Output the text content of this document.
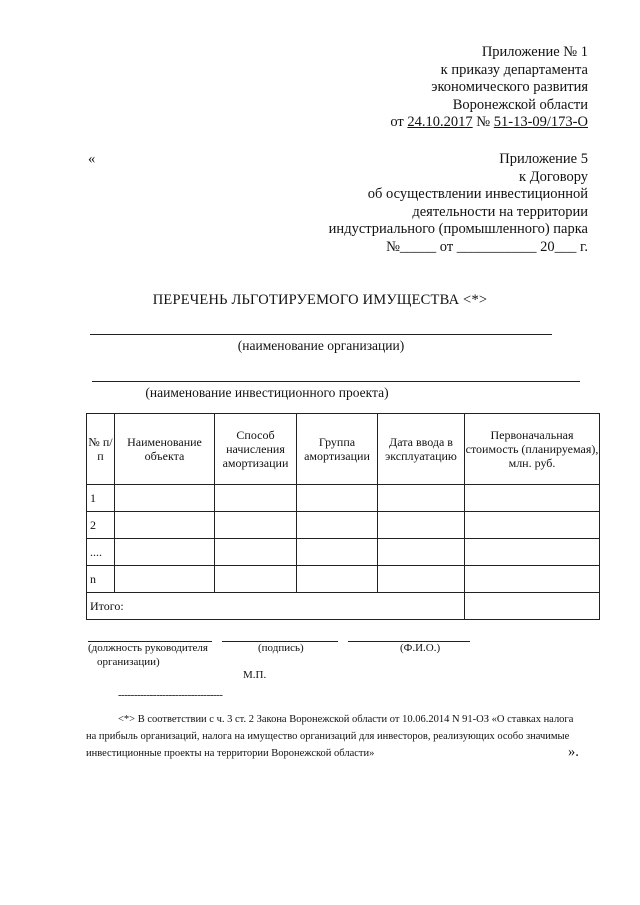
Приложение № 1
к приказу департамента
экономического развития
Воронежской области
от 24.10.2017 № 51-13-09/173-О
«	Приложение 5
к Договору
об осуществлении инвестиционной
деятельности на территории
индустриального (промышленного) парка
№_____ от ___________ 20___ г.
ПЕРЕЧЕНЬ ЛЬГОТИРУЕМОГО ИМУЩЕСТВА <*>
(наименование организации)
(наименование инвестиционного проекта)
№ п/п	Наименование объекта	Способ начисления амортизации	Группа амортизации	Дата ввода в эксплуатацию	Первоначальная стоимость (планируемая), млн. руб.
1					
2					
....					
n					
Итого:					
(должность руководителя
организации)
(подпись)	(Ф.И.О.)
М.П.
---------------------------------
<*> В соответствии с ч. 3 ст. 2 Закона Воронежской области от 10.06.2014 N 91-ОЗ «О ставках налога
на прибыль организаций, налога на имущество организаций для инвесторов, реализующих особо значимые
инвестиционные проекты на территории Воронежской области»	».
